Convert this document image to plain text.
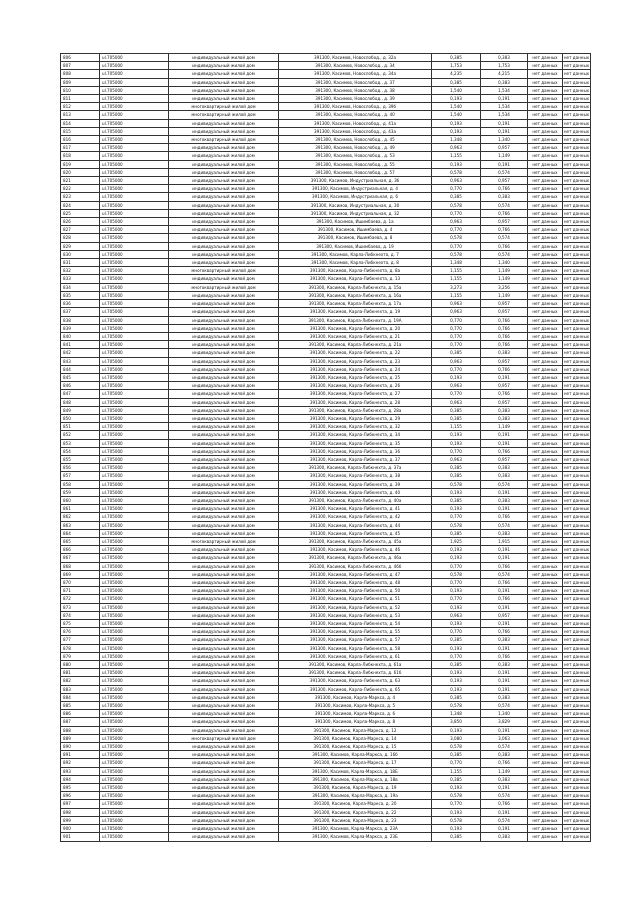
806	ul.705000	индивидуальный жилой дом	391300, Касимов, Новослобод., д. 32а	0,385	0,383	нет данных	нет данных
807	ul.705000	индивидуальный жилой дом	391300, Касимов, Новослобод., д. 34	1,753	1,753	нет данных	нет данных
808	ul.705000	индивидуальный жилой дом	391300, Касимов, Новослобод., д. 34а	4,235	4,215	нет данных	нет данных
809	ul.705000	индивидуальный жилой дом	391300, Касимов, Новослобод., д. 37	0,385	0,383	нет данных	нет данных
810	ul.705000	индивидуальный жилой дом	391300, Касимов, Новослобод., д. 38	1,540	1,534	нет данных	нет данных
811	ul.705000	индивидуальный жилой дом	391300, Касимов, Новослобод., д. 39	0,193	0,191	нет данных	нет данных
812	ul.705000	многоквартирный жилой дом	391300, Касимов, Новослобод., д. 39б	1,540	1,534	нет данных	нет данных
813	ul.705000	многоквартирный жилой дом	391300, Касимов, Новослобод., д. 40	1,540	1,534	нет данных	нет данных
814	ul.705000	индивидуальный жилой дом	391300, Касимов, Новослобод., д. 41а	0,193	0,191	нет данных	нет данных
815	ul.705000	индивидуальный жилой дом	391300, Касимов, Новослобод., д. 43а	0,193	0,191	нет данных	нет данных
816	ul.705000	многоквартирный жилой дом	391300, Касимов, Новослобод., д. 45	1,348	1,340	нет данных	нет данных
817	ul.705000	индивидуальный жилой дом	391300, Касимов, Новослобод., д. 49	0,963	0,957	нет данных	нет данных
818	ul.705000	индивидуальный жилой дом	391300, Касимов, Новослобод., д. 53	1,155	1,149	нет данных	нет данных
819	ul.705000	индивидуальный жилой дом	391300, Касимов, Новослобод., д. 55	0,193	0,191	нет данных	нет данных
820	ul.705000	индивидуальный жилой дом	391300, Касимов, Новослобод., д. 57	0,578	0,574	нет данных	нет данных
821	ul.705000	индивидуальный жилой дом	391300, Касимов, Индустриальная, д. 3б	0,963	0,957	нет данных	нет данных
822	ul.705000	индивидуальный жилой дом	391300, Касимов, Индустриальная, д. 4	0,770	0,766	нет данных	нет данных
823	ul.705000	индивидуальный жилой дом	391300, Касимов, Индустриальная, д. 6	0,385	0,383	нет данных	нет данных
824	ul.705000	индивидуальный жилой дом	391300, Касимов, Индустриальная, д. 30	0,578	0,574	нет данных	нет данных
825	ul.705000	индивидуальный жилой дом	391300, Касимов, Индустриальная, д. 32	0,770	0,766	нет данных	нет данных
826	ul.705000	индивидуальный жилой дом	391300, Касимов, Ишимбаева, д. 1а	0,963	0,957	нет данных	нет данных
827	ul.705000	индивидуальный жилой дом	391300, Касимов, Ишимбаева, д. 4	0,770	0,766	нет данных	нет данных
828	ul.705000	индивидуальный жилой дом	391300, Касимов, Ишимбаева, д. 8	0,578	0,574	нет данных	нет данных
829	ul.705000	индивидуальный жилой дом	391300, Касимов, Ишимбаева, д. 19	0,770	0,766	нет данных	нет данных
830	ul.705000	индивидуальный жилой дом	391300, Касимов, Карла-Либкнехта, д. 7	0,578	0,574	нет данных	нет данных
831	ul.705000	индивидуальный жилой дом	391300, Касимов, Карла-Либкнехта, д. 8	1,348	1,340	нет данных	нет данных
832	ul.705000	многоквартирный жилой дом	391300, Касимов, Карла-Либкнехта, д. 8а	1,155	1,149	нет данных	нет данных
833	ul.705000	индивидуальный жилой дом	391300, Касимов, Карла-Либкнехта, д. 13	1,155	1,149	нет данных	нет данных
834	ul.705000	многоквартирный жилой дом	391300, Касимов, Карла-Либкнехта, д. 15а	3,273	3,256	нет данных	нет данных
835	ul.705000	индивидуальный жилой дом	391300, Касимов, Карла-Либкнехта, д. 16а	1,155	1,149	нет данных	нет данных
836	ul.705000	индивидуальный жилой дом	391300, Касимов, Карла-Либкнехта, д. 17а	0,963	0,957	нет данных	нет данных
837	ul.705000	индивидуальный жилой дом	391300, Касимов, Карла-Либкнехта, д. 19	0,963	0,957	нет данных	нет данных
838	ul.705000	индивидуальный жилой дом	391300, Касимов, Карла-Либкнехта, д. 19А	0,770	0,766	нет данных	нет данных
839	ul.705000	индивидуальный жилой дом	391300, Касимов, Карла-Либкнехта, д. 20	0,770	0,766	нет данных	нет данных
840	ul.705000	индивидуальный жилой дом	391300, Касимов, Карла-Либкнехта, д. 21	0,770	0,766	нет данных	нет данных
841	ul.705000	индивидуальный жилой дом	391300, Касимов, Карла-Либкнехта, д. 21а	0,770	0,766	нет данных	нет данных
842	ul.705000	индивидуальный жилой дом	391300, Касимов, Карла-Либкнехта, д. 22	0,385	0,383	нет данных	нет данных
843	ul.705000	индивидуальный жилой дом	391300, Касимов, Карла-Либкнехта, д. 23	0,963	0,957	нет данных	нет данных
844	ul.705000	индивидуальный жилой дом	391300, Касимов, Карла-Либкнехта, д. 24	0,770	0,766	нет данных	нет данных
845	ul.705000	индивидуальный жилой дом	391300, Касимов, Карла-Либкнехта, д. 25	0,193	0,191	нет данных	нет данных
846	ul.705000	индивидуальный жилой дом	391300, Касимов, Карла-Либкнехта, д. 26	0,963	0,957	нет данных	нет данных
847	ul.705000	индивидуальный жилой дом	391300, Касимов, Карла-Либкнехта, д. 27	0,770	0,766	нет данных	нет данных
848	ul.705000	индивидуальный жилой дом	391300, Касимов, Карла-Либкнехта, д. 28	0,963	0,957	нет данных	нет данных
849	ul.705000	индивидуальный жилой дом	391300, Касимов, Карла-Либкнехта, д. 28а	0,385	0,383	нет данных	нет данных
850	ul.705000	индивидуальный жилой дом	391300, Касимов, Карла-Либкнехта, д. 29	0,385	0,383	нет данных	нет данных
851	ul.705000	индивидуальный жилой дом	391300, Касимов, Карла-Либкнехта, д. 32	1,155	1,149	нет данных	нет данных
852	ul.705000	индивидуальный жилой дом	391300, Касимов, Карла-Либкнехта, д. 34	0,193	0,191	нет данных	нет данных
853	ul.705000	индивидуальный жилой дом	391300, Касимов, Карла-Либкнехта, д. 35	0,193	0,191	нет данных	нет данных
854	ul.705000	индивидуальный жилой дом	391300, Касимов, Карла-Либкнехта, д. 36	0,770	0,766	нет данных	нет данных
855	ul.705000	индивидуальный жилой дом	391300, Касимов, Карла-Либкнехта, д. 37	0,963	0,957	нет данных	нет данных
856	ul.705000	индивидуальный жилой дом	391300, Касимов, Карла-Либкнехта, д. 37а	0,385	0,383	нет данных	нет данных
857	ul.705000	индивидуальный жилой дом	391300, Касимов, Карла-Либкнехта, д. 38	0,385	0,383	нет данных	нет данных
858	ul.705000	индивидуальный жилой дом	391300, Касимов, Карла-Либкнехта, д. 39	0,578	0,574	нет данных	нет данных
859	ul.705000	индивидуальный жилой дом	391300, Касимов, Карла-Либкнехта, д. 40	0,193	0,191	нет данных	нет данных
860	ul.705000	индивидуальный жилой дом	391300, Касимов, Карла-Либкнехта, д. 40а	0,385	0,383	нет данных	нет данных
861	ul.705000	индивидуальный жилой дом	391300, Касимов, Карла-Либкнехта, д. 41	0,193	0,191	нет данных	нет данных
862	ul.705000	индивидуальный жилой дом	391300, Касимов, Карла-Либкнехта, д. 42	0,770	0,766	нет данных	нет данных
863	ul.705000	индивидуальный жилой дом	391300, Касимов, Карла-Либкнехта, д. 44	0,578	0,574	нет данных	нет данных
864	ul.705000	индивидуальный жилой дом	391300, Касимов, Карла-Либкнехта, д. 45	0,385	0,383	нет данных	нет данных
865	ul.705000	многоквартирный жилой дом	391300, Касимов, Карла-Либкнехта, д. 45а	1,925	1,915	нет данных	нет данных
866	ul.705000	индивидуальный жилой дом	391300, Касимов, Карла-Либкнехта, д. 46	0,193	0,191	нет данных	нет данных
867	ul.705000	индивидуальный жилой дом	391300, Касимов, Карла-Либкнехта, д. 46а	0,193	0,191	нет данных	нет данных
868	ul.705000	индивидуальный жилой дом	391300, Касимов, Карла-Либкнехта, д. 46б	0,770	0,766	нет данных	нет данных
869	ul.705000	индивидуальный жилой дом	391300, Касимов, Карла-Либкнехта, д. 47	0,578	0,574	нет данных	нет данных
870	ul.705000	индивидуальный жилой дом	391300, Касимов, Карла-Либкнехта, д. 48	0,770	0,766	нет данных	нет данных
871	ul.705000	индивидуальный жилой дом	391300, Касимов, Карла-Либкнехта, д. 50	0,193	0,191	нет данных	нет данных
872	ul.705000	индивидуальный жилой дом	391300, Касимов, Карла-Либкнехта, д. 51	0,770	0,766	нет данных	нет данных
873	ul.705000	индивидуальный жилой дом	391300, Касимов, Карла-Либкнехта, д. 52	0,193	0,191	нет данных	нет данных
874	ul.705000	индивидуальный жилой дом	391300, Касимов, Карла-Либкнехта, д. 53	0,963	0,957	нет данных	нет данных
875	ul.705000	индивидуальный жилой дом	391300, Касимов, Карла-Либкнехта, д. 54	0,193	0,191	нет данных	нет данных
876	ul.705000	индивидуальный жилой дом	391300, Касимов, Карла-Либкнехта, д. 55	0,770	0,766	нет данных	нет данных
877	ul.705000	индивидуальный жилой дом	391300, Касимов, Карла-Либкнехта, д. 57	0,385	0,383	нет данных	нет данных
878	ul.705000	индивидуальный жилой дом	391300, Касимов, Карла-Либкнехта, д. 58	0,193	0,191	нет данных	нет данных
879	ul.705000	индивидуальный жилой дом	391300, Касимов, Карла-Либкнехта, д. 61	0,770	0,766	нет данных	нет данных
880	ul.705000	индивидуальный жилой дом	391300, Касимов, Карла-Либкнехта, д. 61а	0,385	0,383	нет данных	нет данных
881	ul.705000	индивидуальный жилой дом	391300, Касимов, Карла-Либкнехта, д. 61б	0,193	0,191	нет данных	нет данных
882	ul.705000	индивидуальный жилой дом	391300, Касимов, Карла-Либкнехта, д. 63	0,193	0,191	нет данных	нет данных
883	ul.705000	индивидуальный жилой дом	391300, Касимов, Карла-Либкнехта, д. 65	0,193	0,191	нет данных	нет данных
884	ul.705000	индивидуальный жилой дом	391300, Касимов, Карла-Маркса, д. 4	0,385	0,383	нет данных	нет данных
885	ul.705000	индивидуальный жилой дом	391300, Касимов, Карла-Маркса, д. 5	0,578	0,574	нет данных	нет данных
886	ul.705000	индивидуальный жилой дом	391300, Касимов, Карла-Маркса, д. 6	1,348	1,340	нет данных	нет данных
887	ul.705000	индивидуальный жилой дом	391300, Касимов, Карла-Маркса, д. 8	3,850	3,829	нет данных	нет данных
888	ul.705000	индивидуальный жилой дом	391300, Касимов, Карла-Маркса, д. 12	0,193	0,191	нет данных	нет данных
889	ul.705000	многоквартирный жилой дом	391300, Касимов, Карла-Маркса, д. 14	3,080	3,063	нет данных	нет данных
890	ul.705000	индивидуальный жилой дом	391300, Касимов, Карла-Маркса, д. 15	0,578	0,574	нет данных	нет данных
891	ul.705000	индивидуальный жилой дом	391300, Касимов, Карла-Маркса, д. 16б	0,385	0,383	нет данных	нет данных
892	ul.705000	индивидуальный жилой дом	391300, Касимов, Карла-Маркса, д. 17	0,770	0,766	нет данных	нет данных
893	ul.705000	индивидуальный жилой дом	391300, Касимов, Карла-Маркса, д. 18Б	1,155	1,149	нет данных	нет данных
894	ul.705000	индивидуальный жилой дом	391300, Касимов, Карла-Маркса, д. 18в	0,385	0,383	нет данных	нет данных
895	ul.705000	индивидуальный жилой дом	391300, Касимов, Карла-Маркса, д. 19	0,193	0,191	нет данных	нет данных
896	ul.705000	индивидуальный жилой дом	391300, Касимов, Карла-Маркса, д. 19а	0,578	0,574	нет данных	нет данных
897	ul.705000	индивидуальный жилой дом	391300, Касимов, Карла-Маркса, д. 20	0,770	0,766	нет данных	нет данных
898	ul.705000	индивидуальный жилой дом	391300, Касимов, Карла-Маркса, д. 22	0,193	0,191	нет данных	нет данных
899	ul.705000	индивидуальный жилой дом	391300, Касимов, Карла-Маркса, д. 23	0,578	0,574	нет данных	нет данных
900	ul.705000	индивидуальный жилой дом	391300, Касимов, Карла-Маркса, д. 23А	0,193	0,191	нет данных	нет данных
901	ul.705000	индивидуальный жилой дом	391300, Касимов, Карла-Маркса, д. 23Б	0,385	0,383	нет данных	нет данных
